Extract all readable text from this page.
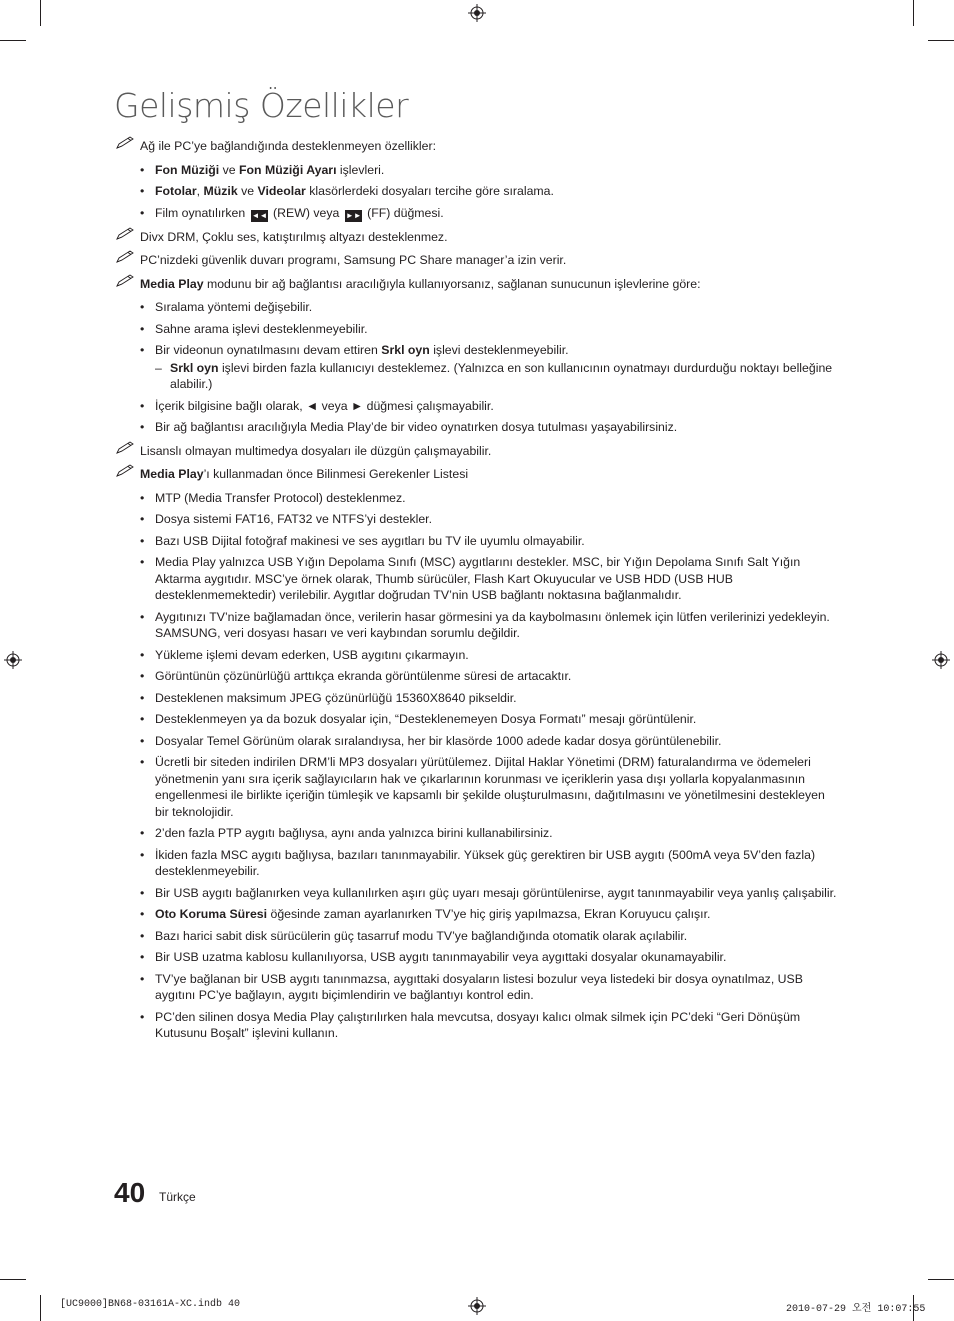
Gelişmiş Özellikler
Ağ ile PC’ye bağlandığında desteklenmeyen özellikler:
• Fon Müziği ve Fon Müziği Ayarı işlevleri.
• Fotolar, Müzik ve Videolar klasörlerdeki dosyaları tercihe göre sıralama.
• Film oynatılırken ◄◄ (REW) veya ►► (FF) düğmesi.
Divx DRM, Çoklu ses, katıştırılmış altyazı desteklenmez.
PC’nizdeki güvenlik duvarı programı, Samsung PC Share manager’a izin verir.
Media Play modunu bir ağ bağlantısı aracılığıyla kullanıyorsanız, sağlanan sunucunun işlevlerine göre:
• Sıralama yöntemi değişebilir.
• Sahne arama işlevi desteklenmeyebilir.
• Bir videonun oynatılmasını devam ettiren Srkl oyn işlevi desteklenmeyebilir.
– Srkl oyn işlevi birden fazla kullanıcıyı desteklemez. (Yalnızca en son kullanıcının oynatmayı durdurduğu noktayı belleğine alabilir.)
• İçerik bilgisine bağlı olarak, ◄ veya ► düğmesi çalışmayabilir.
• Bir ağ bağlantısı aracılığıyla Media Play’de bir video oynatırken dosya tutulması yaşayabilirsiniz.
Lisanslı olmayan multimedya dosyaları ile düzgün çalışmayabilir.
Media Play’ı kullanmadan önce Bilinmesi Gerekenler Listesi
• MTP (Media Transfer Protocol) desteklenmez.
• Dosya sistemi FAT16, FAT32 ve NTFS’yi destekler.
• Bazı USB Dijital fotoğraf makinesi ve ses aygıtları bu TV ile uyumlu olmayabilir.
• Media Play yalnızca USB Yığın Depolama Sınıfı (MSC) aygıtlarını destekler. MSC, bir Yığın Depolama Sınıfı Salt Yığın Aktarma aygıtıdır. MSC’ye örnek olarak, Thumb sürücüler, Flash Kart Okuyucular ve USB HDD (USB HUB desteklenmemektedir) verilebilir. Aygıtlar doğrudan TV’nin USB bağlantı noktasına bağlanmalıdır.
• Aygıtınızı TV’nize bağlamadan önce, verilerin hasar görmesini ya da kaybolmasını önlemek için lütfen verilerinizi yedekleyin. SAMSUNG, veri dosyası hasarı ve veri kaybından sorumlu değildir.
• Yükleme işlemi devam ederken, USB aygıtını çıkarmayın.
• Görüntünün çözünürlüğü arttıkça ekranda görüntülenme süresi de artacaktır.
• Desteklenen maksimum JPEG çözünürlüğü 15360X8640 pikseldir.
• Desteklenmeyen ya da bozuk dosyalar için, “Desteklenemeyen Dosya Formatı” mesajı görüntülenir.
• Dosyalar Temel Görünüm olarak sıralandıysa, her bir klasörde 1000 adede kadar dosya görüntülenebilir.
• Ücretli bir siteden indirilen DRM’li MP3 dosyaları yürütülemez. Dijital Haklar Yönetimi (DRM) faturalandırma ve ödemeleri yönetmenin yanı sıra içerik sağlayıcıların hak ve çıkarlarının korunması ve içeriklerin yasa dışı yollarla kopyalanmasının engellenmesi ile birlikte içeriğin tümleşik ve kapsamlı bir şekilde oluşturulmasını, dağıtılmasını ve yönetilmesini destekleyen bir teknolojidir.
• 2’den fazla PTP aygıtı bağlıysa, aynı anda yalnızca birini kullanabilirsiniz.
• İkiden fazla MSC aygıtı bağlıysa, bazıları tanınmayabilir. Yüksek güç gerektiren bir USB aygıtı (500mA veya 5V’den fazla) desteklenmeyebilir.
• Bir USB aygıtı bağlanırken veya kullanılırken aşırı güç uyarı mesajı görüntülenirse, aygıt tanınmayabilir veya yanlış çalışabilir.
• Oto Koruma Süresi öğesinde zaman ayarlanırken TV’ye hiç giriş yapılmazsa, Ekran Koruyucu çalışır.
• Bazı harici sabit disk sürücülerin güç tasarruf modu TV’ye bağlandığında otomatik olarak açılabilir.
• Bir USB uzatma kablosu kullanılıyorsa, USB aygıtı tanınmayabilir veya aygıttaki dosyalar okunamayabilir.
• TV’ye bağlanan bir USB aygıtı tanınmazsa, aygıttaki dosyaların listesi bozulur veya listedeki bir dosya oynatılmaz, USB aygıtını PC’ye bağlayın, aygıtı biçimlendirin ve bağlantıyı kontrol edin.
• PC’den silinen dosya Media Play çalıştırılırken hala mevcutsa, dosyayı kalıcı olmak silmek için PC’deki “Geri Dönüşüm Kutusunu Boşalt” işlevini kullanın.
40 Türkçe
[UC9000]BN68-03161A-XC.indb 40	2010-07-29 오전 10:07:55
